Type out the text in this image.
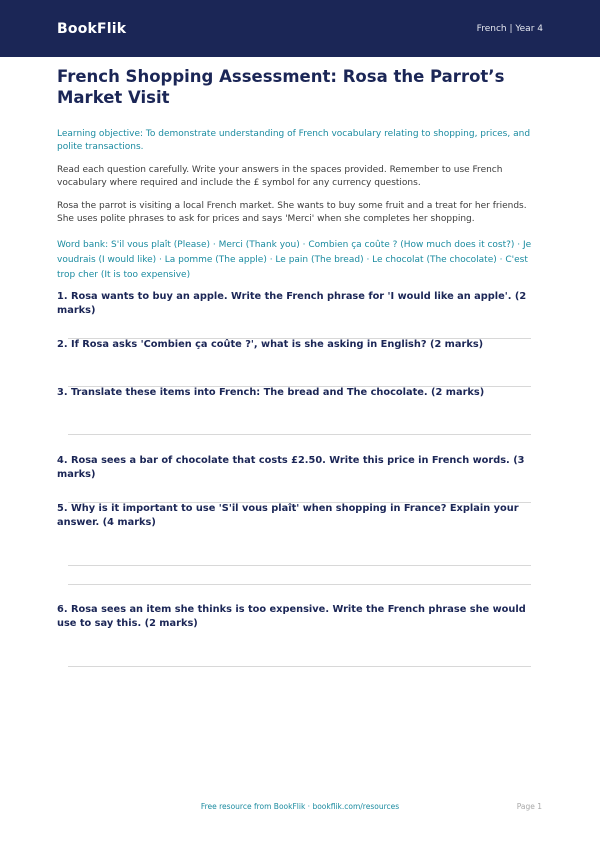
BookFlik	French | Year 4
French Shopping Assessment: Rosa the Parrot’s Market Visit

Learning objective: To demonstrate understanding of French vocabulary relating to shopping, prices, and polite transactions.

Read each question carefully. Write your answers in the spaces provided. Remember to use French vocabulary where required and include the £ symbol for any currency questions.

Rosa the parrot is visiting a local French market. She wants to buy some fruit and a treat for her friends. She uses polite phrases to ask for prices and says 'Merci' when she completes her shopping.

Word bank: S'il vous plaît (Please) · Merci (Thank you) · Combien ça coûte ? (How much does it cost?) · Je voudrais (I would like) · La pomme (The apple) · Le pain (The bread) · Le chocolat (The chocolate) · C'est trop cher (It is too expensive)

1. Rosa wants to buy an apple. Write the French phrase for 'I would like an apple'. (2 marks)
2. If Rosa asks 'Combien ça coûte ?', what is she asking in English? (2 marks)
3. Translate these items into French: The bread and The chocolate. (2 marks)
4. Rosa sees a bar of chocolate that costs £2.50. Write this price in French words. (3 marks)
5. Why is it important to use 'S'il vous plaît' when shopping in France? Explain your answer. (4 marks)
6. Rosa sees an item she thinks is too expensive. Write the French phrase she would use to say this. (2 marks)
Free resource from BookFlik · bookflik.com/resources	Page 1
